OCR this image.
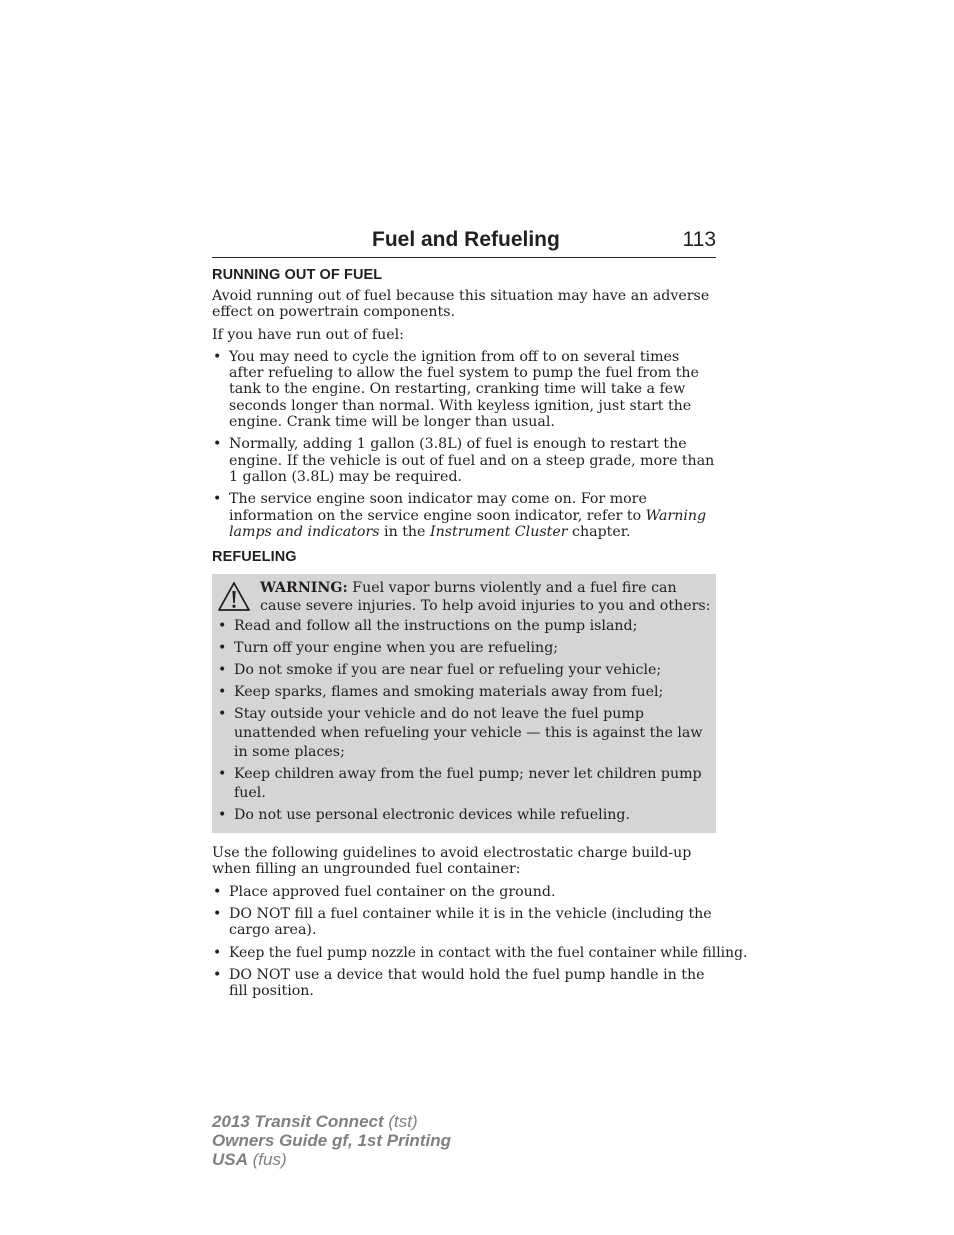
Fuel and Refueling	113
RUNNING OUT OF FUEL

Avoid running out of fuel because this situation may have an adverse effect on powertrain components.

If you have run out of fuel:

• You may need to cycle the ignition from off to on several times after refueling to allow the fuel system to pump the fuel from the tank to the engine. On restarting, cranking time will take a few seconds longer than normal. With keyless ignition, just start the engine. Crank time will be longer than usual.
• Normally, adding 1 gallon (3.8L) of fuel is enough to restart the engine. If the vehicle is out of fuel and on a steep grade, more than 1 gallon (3.8L) may be required.
• The service engine soon indicator may come on. For more information on the service engine soon indicator, refer to Warning lamps and indicators in the Instrument Cluster chapter.
REFUELING

WARNING: Fuel vapor burns violently and a fuel fire can cause severe injuries. To help avoid injuries to you and others:

• Read and follow all the instructions on the pump island;
• Turn off your engine when you are refueling;
• Do not smoke if you are near fuel or refueling your vehicle;
• Keep sparks, flames and smoking materials away from fuel;
• Stay outside your vehicle and do not leave the fuel pump unattended when refueling your vehicle — this is against the law in some places;
• Keep children away from the fuel pump; never let children pump fuel.
• Do not use personal electronic devices while refueling.

Use the following guidelines to avoid electrostatic charge build-up when filling an ungrounded fuel container:

• Place approved fuel container on the ground.
• DO NOT fill a fuel container while it is in the vehicle (including the cargo area).
• Keep the fuel pump nozzle in contact with the fuel container while filling.
• DO NOT use a device that would hold the fuel pump handle in the fill position.
2013 Transit Connect (tst)
Owners Guide gf, 1st Printing
USA (fus)
